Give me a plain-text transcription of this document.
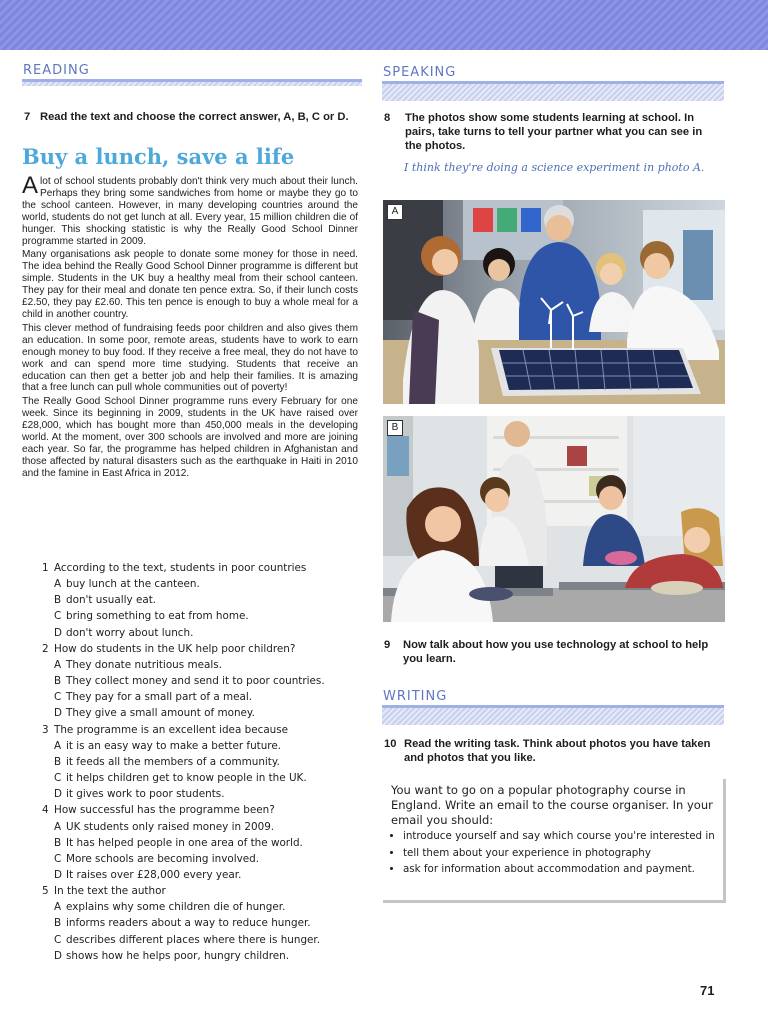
READING	SPEAKING
7 Read the text and choose the correct answer, A, B, C or D.
Buy a lunch, save a life

Alot of school students probably don't think very much about their lunch. Perhaps they bring some sandwiches from home or maybe they go to the school canteen. However, in many developing countries around the world, students do not get lunch at all. Every year, 15 million children die of hunger. This shocking statistic is why the Really Good School Dinner programme started in 2009.

Many organisations ask people to donate some money for those in need. The idea behind the Really Good School Dinner programme is different but simple. Students in the UK buy a healthy meal from their school canteen. They pay for their meal and donate ten pence extra. So, if their lunch costs £2.50, they pay £2.60. This ten pence is enough to buy a whole meal for a child in another country.

This clever method of fundraising feeds poor children and also gives them an education. In some poor, remote areas, students have to work to earn enough money to buy food. If they receive a free meal, they do not have to work and can spend more time studying. Students that receive an education can then get a better job and help their families. It is amazing that a free lunch can pull whole communities out of poverty!

The Really Good School Dinner programme runs every February for one week. Since its beginning in 2009, students in the UK have raised over £28,000, which has bought more than 450,000 meals in the developing world. At the moment, over 300 schools are involved and more are joining each year. So far, the programme has helped children in Afghanistan and those affected by natural disasters such as the earthquake in Haiti in 2010 and the famine in East Africa in 2012.

1 According to the text, students in poor countries
A buy lunch at the canteen.
B don't usually eat.
C bring something to eat from home.
D don't worry about lunch.
2 How do students in the UK help poor children?
A They donate nutritious meals.
B They collect money and send it to poor countries.
C They pay for a small part of a meal.
D They give a small amount of money.
3 The programme is an excellent idea because
A it is an easy way to make a better future.
B it feeds all the members of a community.
C it helps children get to know people in the UK.
D it gives work to poor students.
4 How successful has the programme been?
A UK students only raised money in 2009.
B It has helped people in one area of the world.
C More schools are becoming involved.
D It raises over £28,000 every year.
5 In the text the author
A explains why some children die of hunger.
B informs readers about a way to reduce hunger.
C describes different places where there is hunger.
D shows how he helps poor, hungry children.
8 The photos show some students learning at school. In pairs, take turns to tell your partner what you can see in the photos.
I think they're doing a science experiment in photo A.
A
B
9 Now talk about how you use technology at school to help you learn.
WRITING
10 Read the writing task. Think about photos you have taken and photos that you like.
You want to go on a popular photography course in England. Write an email to the course organiser. In your email you should:
• introduce yourself and say which course you're interested in
• tell them about your experience in photography
• ask for information about accommodation and payment.
71
